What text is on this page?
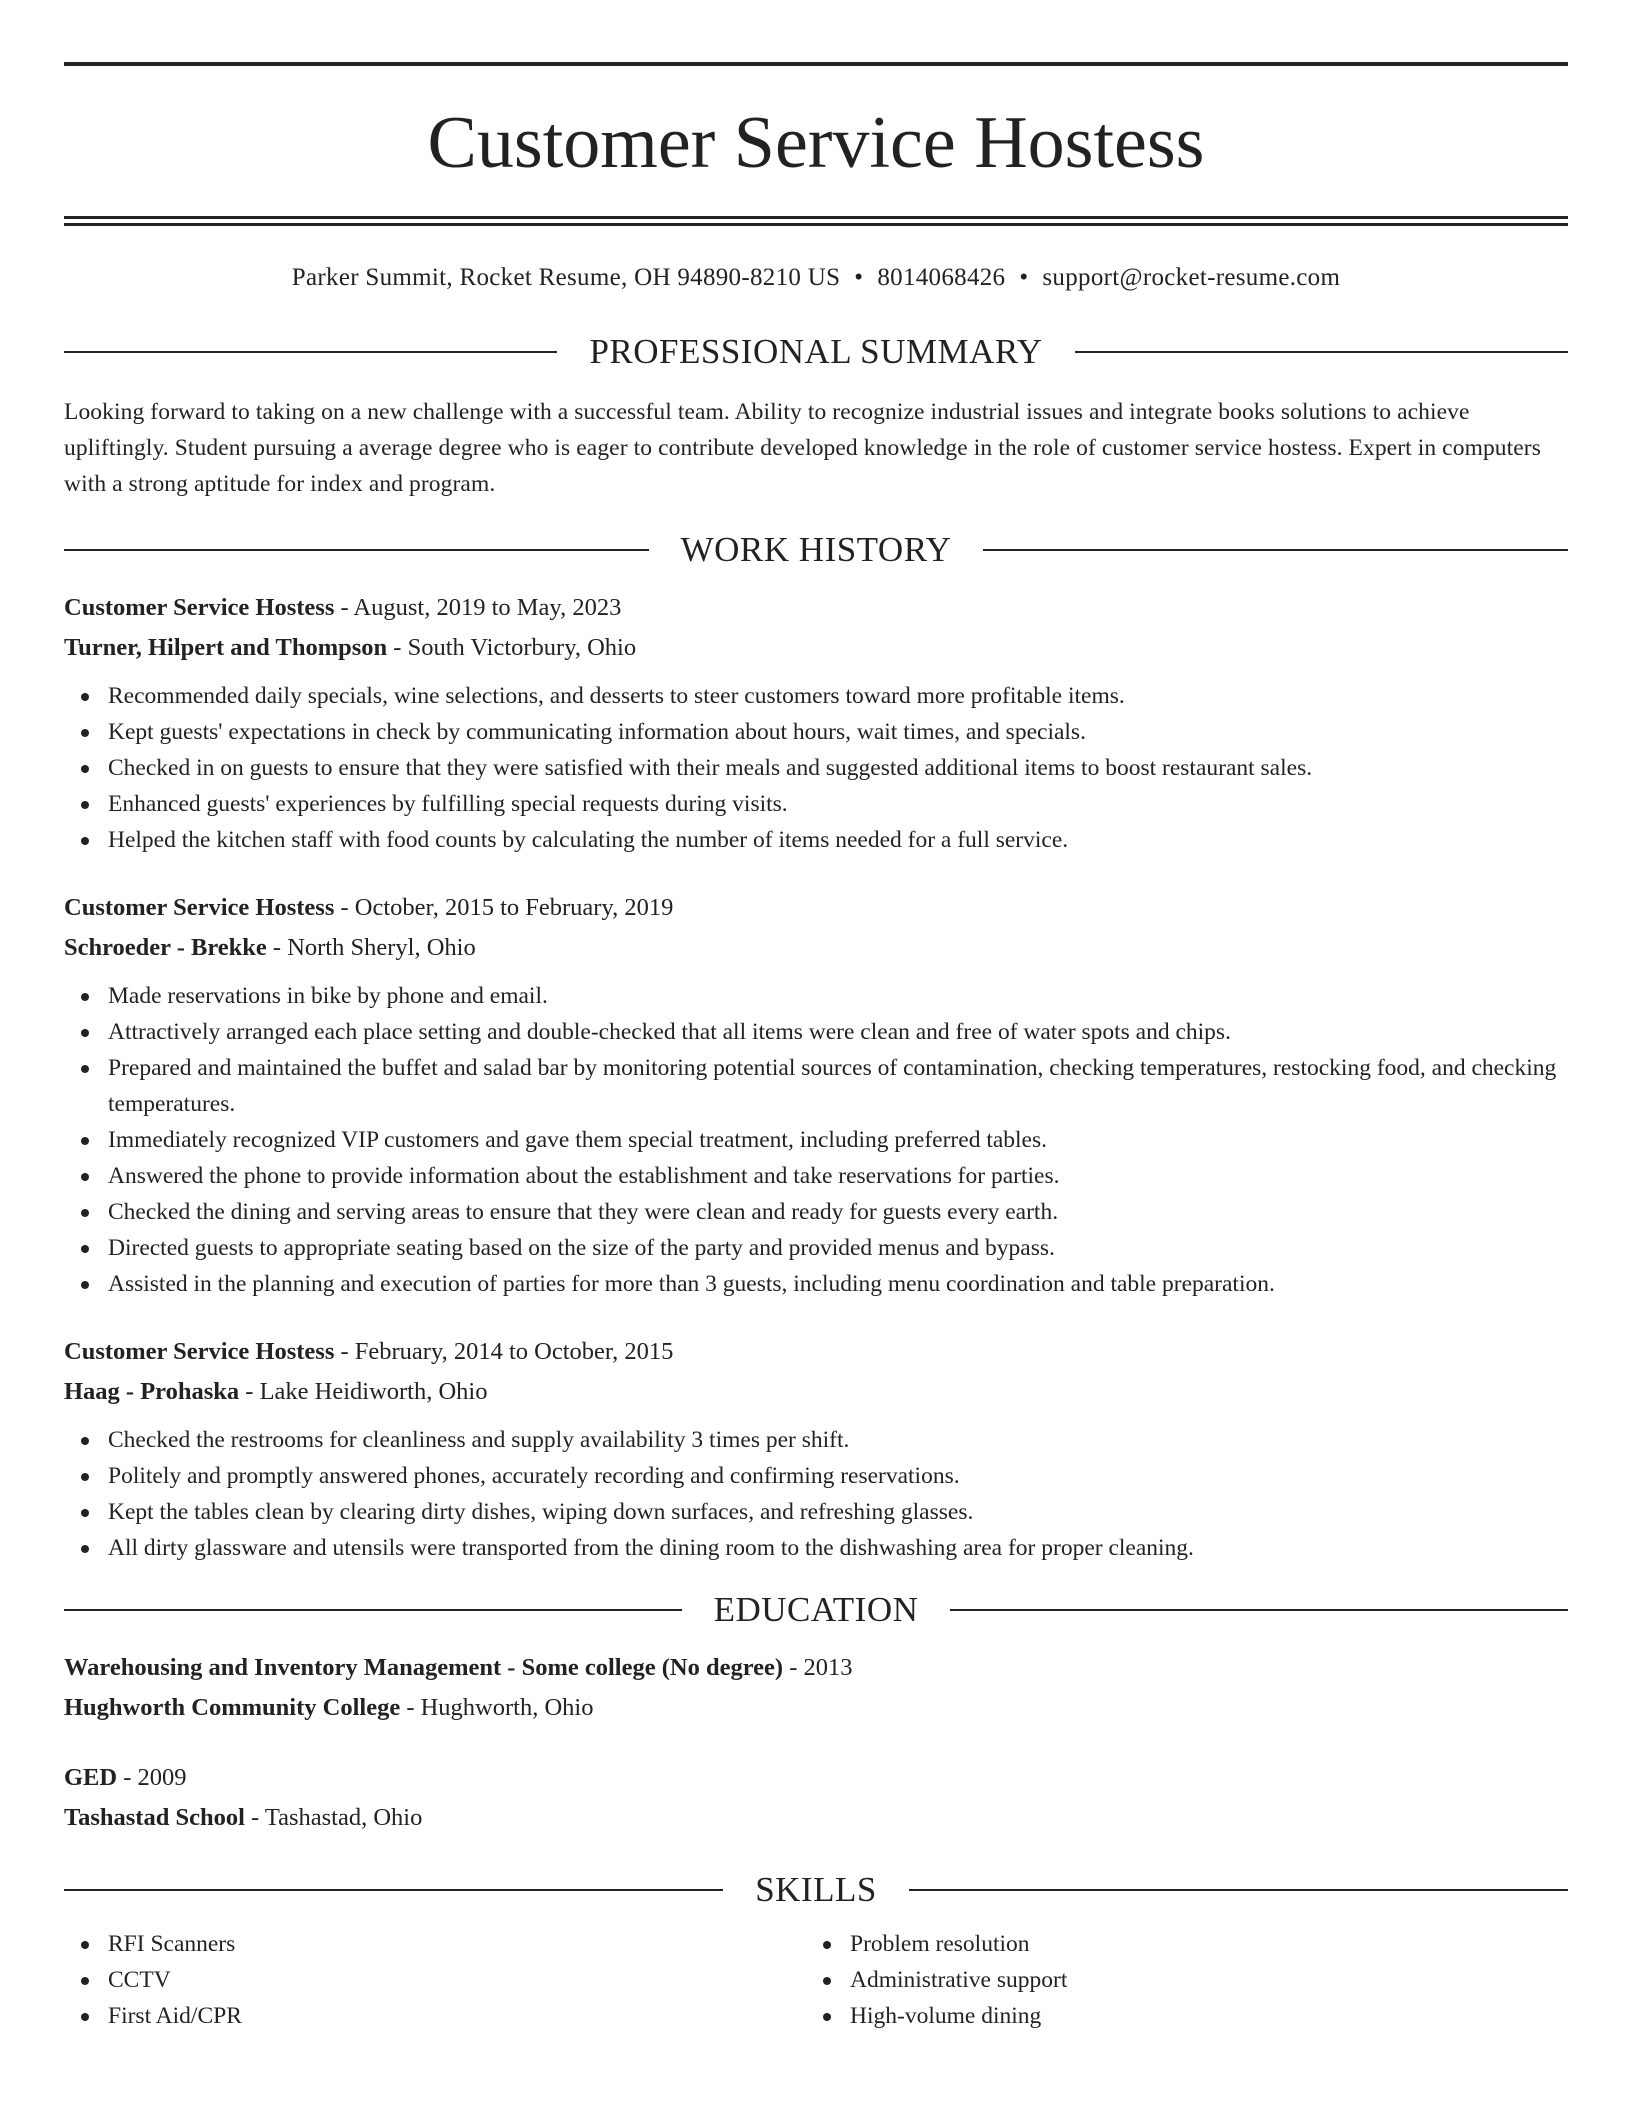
Customer Service Hostess
Parker Summit, Rocket Resume, OH 94890-8210 US • 8014068426 • support@rocket-resume.com
PROFESSIONAL SUMMARY

Looking forward to taking on a new challenge with a successful team. Ability to recognize industrial issues and integrate books solutions to achieve upliftingly. Student pursuing a average degree who is eager to contribute developed knowledge in the role of customer service hostess. Expert in computers with a strong aptitude for index and program.

WORK HISTORY
Customer Service Hostess - August, 2019 to May, 2023
Turner, Hilpert and Thompson - South Victorbury, Ohio
Recommended daily specials, wine selections, and desserts to steer customers toward more profitable items.
Kept guests' expectations in check by communicating information about hours, wait times, and specials.
Checked in on guests to ensure that they were satisfied with their meals and suggested additional items to boost restaurant sales.
Enhanced guests' experiences by fulfilling special requests during visits.
Helped the kitchen staff with food counts by calculating the number of items needed for a full service.
Customer Service Hostess - October, 2015 to February, 2019
Schroeder - Brekke - North Sheryl, Ohio
Made reservations in bike by phone and email.
Attractively arranged each place setting and double-checked that all items were clean and free of water spots and chips.
Prepared and maintained the buffet and salad bar by monitoring potential sources of contamination, checking temperatures, restocking food, and checking temperatures.
Immediately recognized VIP customers and gave them special treatment, including preferred tables.
Answered the phone to provide information about the establishment and take reservations for parties.
Checked the dining and serving areas to ensure that they were clean and ready for guests every earth.
Directed guests to appropriate seating based on the size of the party and provided menus and bypass.
Assisted in the planning and execution of parties for more than 3 guests, including menu coordination and table preparation.
Customer Service Hostess - February, 2014 to October, 2015
Haag - Prohaska - Lake Heidiworth, Ohio
Checked the restrooms for cleanliness and supply availability 3 times per shift.
Politely and promptly answered phones, accurately recording and confirming reservations.
Kept the tables clean by clearing dirty dishes, wiping down surfaces, and refreshing glasses.
All dirty glassware and utensils were transported from the dining room to the dishwashing area for proper cleaning.
EDUCATION
Warehousing and Inventory Management - Some college (No degree) - 2013
Hughworth Community College - Hughworth, Ohio
GED - 2009
Tashastad School - Tashastad, Ohio
SKILLS
RFI Scanners
CCTV
First Aid/CPR
Problem resolution
Administrative support
High-volume dining
